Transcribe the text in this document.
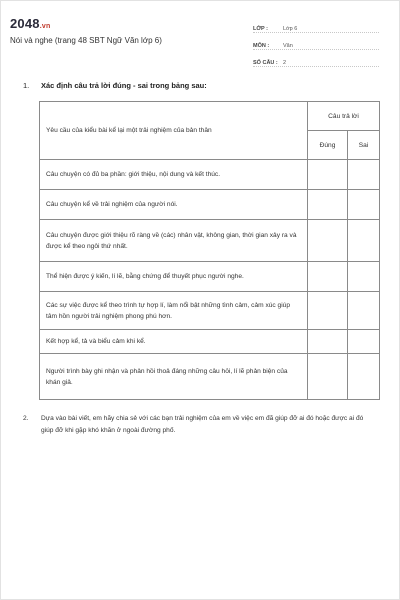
2048.vn
Nói và nghe (trang 48 SBT Ngữ Văn lớp 6)
LỚP :	Lớp 6
MÔN :	Văn
SỐ CÂU : 2
1. Xác định câu trả lời đúng - sai trong bảng sau:
Yêu cầu của kiểu bài kể lại một trải nghiệm của bản thân	Câu trả lời	
	Đúng	Sai
Câu chuyện có đủ ba phần: giới thiệu, nội dung và kết thúc.		
Câu chuyện kể về trải nghiệm của người nói.		
Câu chuyện được giới thiệu rõ ràng về (các) nhân vật, không gian, thời gian xảy ra và được kể theo ngôi thứ nhất.		
Thể hiện được ý kiến, lí lẽ, bằng chứng để thuyết phục người nghe.		
Các sự việc được kể theo trình tự hợp lí, làm nổi bật những tình cảm, cảm xúc giúp tâm hồn người trải nghiệm phong phú hơn.		
Kết hợp kể, tả và biểu cảm khi kể.		
Người trình bày ghi nhận và phản hồi thoả đáng những câu hỏi, lí lẽ phản biện của khán giả.		
2.	Dựa vào bài viết, em hãy chia sẻ với các bạn trải nghiệm của em về việc em đã giúp đỡ ai đó hoặc được ai đó giúp đỡ khi gặp khó khăn ở ngoài đường phố.
